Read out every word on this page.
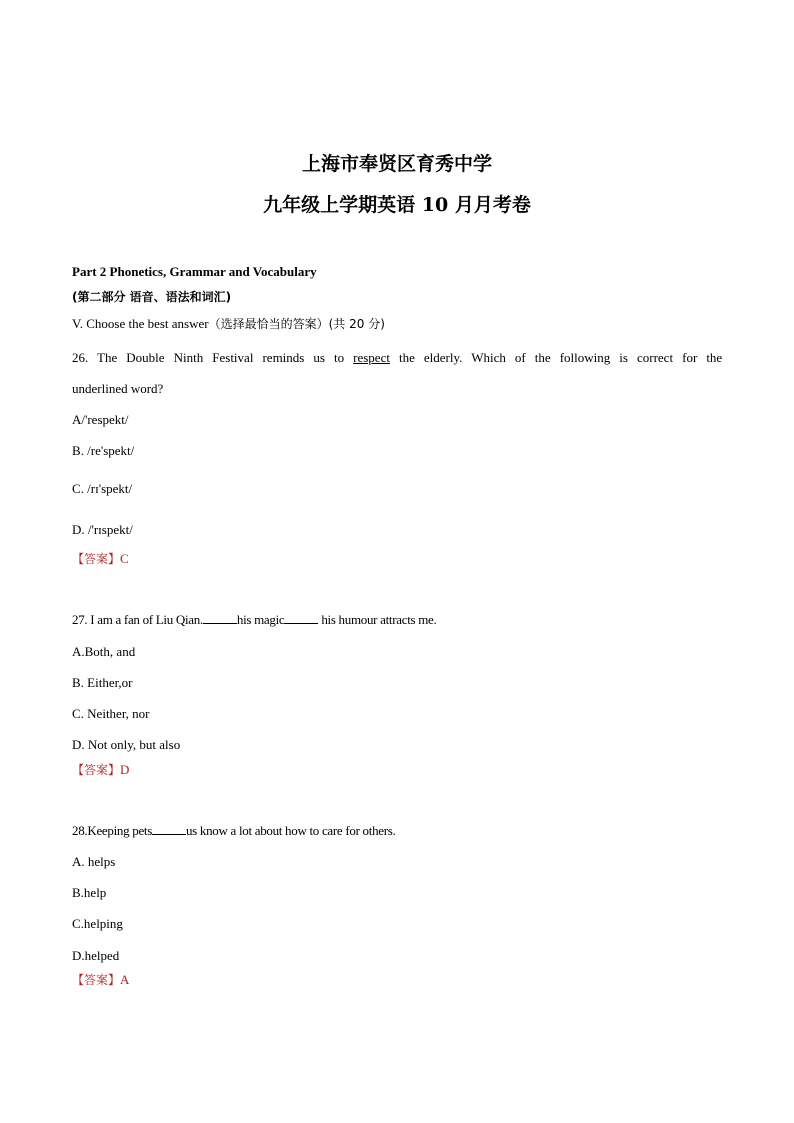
上海市奉贤区育秀中学
九年级上学期英语 10 月月考卷
Part 2 Phonetics, Grammar and Vocabulary
(第二部分 语音、语法和词汇)
V. Choose the best answer（选择最恰当的答案）(共 20 分)
26. The Double Ninth Festival reminds us to respect the elderly. Which of the following is correct for the
underlined word?
A/'respekt/
B. /re'spekt/
C. /rɪ'spekt/
D. /'rɪspekt/
【答案】C
27. I am a fan of Liu Qian.	his magic	his humour attracts me.
A.Both, and
B. Either,or
C. Neither, nor
D. Not only, but also
【答案】D
28.Keeping pets	us know a lot about how to care for others.
A. helps
B.help
C.helping
D.helped
【答案】A
